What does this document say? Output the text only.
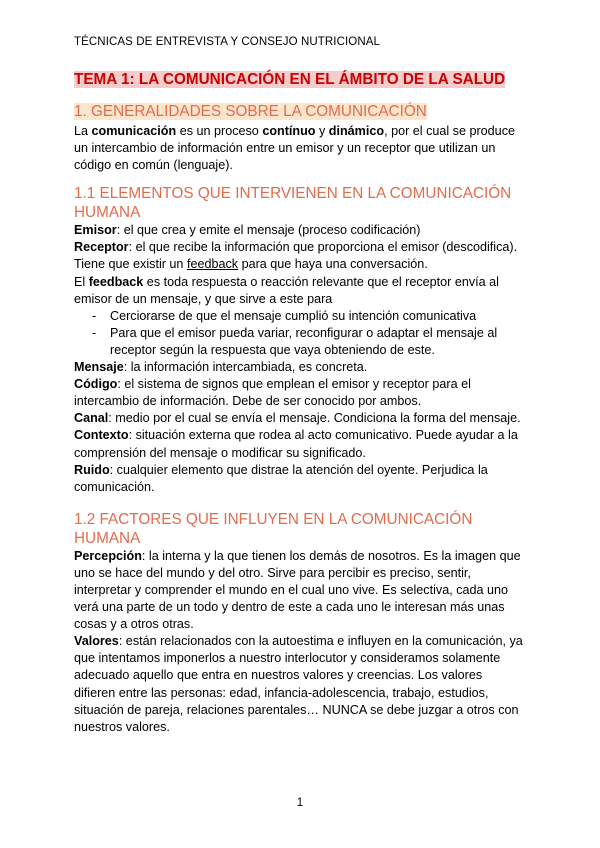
TÉCNICAS DE ENTREVISTA Y CONSEJO NUTRICIONAL
TEMA 1: LA COMUNICACIÓN EN EL ÁMBITO DE LA SALUD
1. GENERALIDADES SOBRE LA COMUNICACIÓN

La comunicación es un proceso contínuo y dinámico, por el cual se produce un intercambio de información entre un emisor y un receptor que utilizan un código en común (lenguaje).

1.1 ELEMENTOS QUE INTERVIENEN EN LA COMUNICACIÓN HUMANA

Emisor: el que crea y emite el mensaje (proceso codificación)

Receptor: el que recibe la información que proporciona el emisor (descodifica). Tiene que existir un feedback para que haya una conversación.

El feedback es toda respuesta o reacción relevante que el receptor envía al emisor de un mensaje, y que sirve a este para

- Cerciorarse de que el mensaje cumplió su intención comunicativa
- Para que el emisor pueda variar, reconfigurar o adaptar el mensaje al receptor según la respuesta que vaya obteniendo de este.

Mensaje: la información intercambiada, es concreta.

Código: el sistema de signos que emplean el emisor y receptor para el intercambio de información. Debe de ser conocido por ambos.

Canal: medio por el cual se envía el mensaje. Condiciona la forma del mensaje.

Contexto: situación externa que rodea al acto comunicativo. Puede ayudar a la comprensión del mensaje o modificar su significado.

Ruido: cualquier elemento que distrae la atención del oyente. Perjudica la comunicación.

1.2 FACTORES QUE INFLUYEN EN LA COMUNICACIÓN HUMANA

Percepción: la interna y la que tienen los demás de nosotros. Es la imagen que uno se hace del mundo y del otro. Sirve para percibir es preciso, sentir, interpretar y comprender el mundo en el cual uno vive. Es selectiva, cada uno verá una parte de un todo y dentro de este a cada uno le interesan más unas cosas y a otros otras.

Valores: están relacionados con la autoestima e influyen en la comunicación, ya que intentamos imponerlos a nuestro interlocutor y consideramos solamente adecuado aquello que entra en nuestros valores y creencias. Los valores difieren entre las personas: edad, infancia-adolescencia, trabajo, estudios, situación de pareja, relaciones parentales… NUNCA se debe juzgar a otros con nuestros valores.

1
